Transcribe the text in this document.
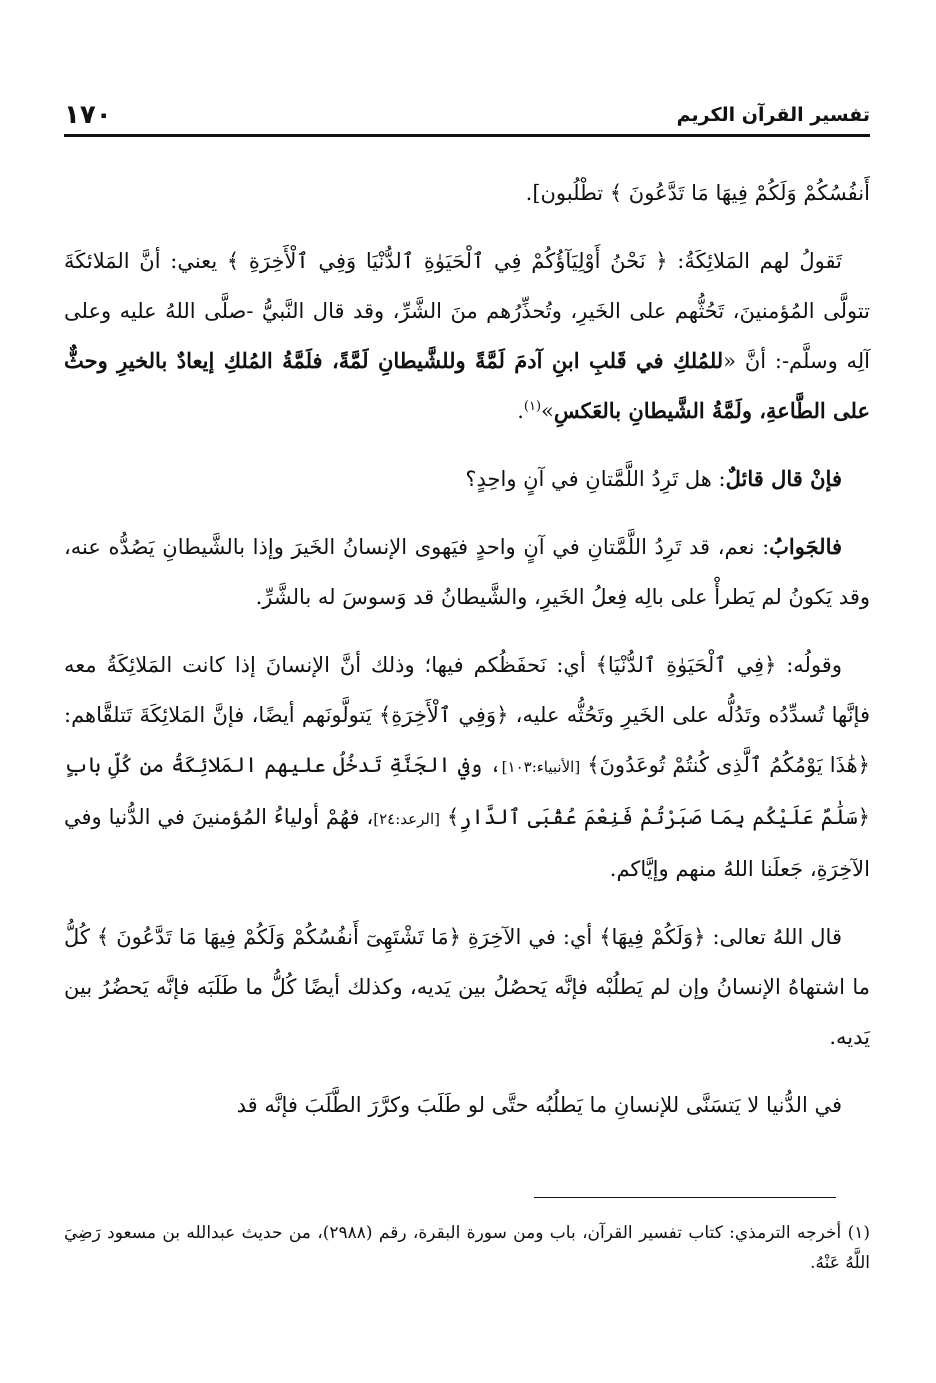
١٧٠	تفسير القرآن الكريم

أَنفُسُكُمْ وَلَكُمْ فِيهَا مَا تَدَّعُونَ ﴾ تطْلُبون].

تَقولُ لهم المَلائِكَةُ: ﴿ نَحْنُ أَوْلِيَآؤُكُمْ فِي ٱلْحَيَوٰةِ ٱلدُّنْيَا وَفِي ٱلْأَخِرَةِ ﴾ يعني: أنَّ المَلائكَةَ تتولَّى المُؤمنينَ، تَحُثُّهم على الخَيرِ، وتُحذِّرُهم منَ الشَّرِّ، وقد قال النَّبيُّ -صلَّى اللهُ عليه وعلى آلِه وسلَّم-: أنَّ «للمُلكِ في قَلبِ ابنِ آدمَ لَمَّةً وللشَّيطانِ لَمَّةً، فلَمَّةُ المُلكِ إيعادٌ بالخيرِ وحثٌّ على الطَّاعةِ، ولَمَّةُ الشَّيطانِ بالعَكسِ»$^{(١)}$.

فإنْ قال قائلٌ: هل تَرِدُ اللَّمَّتانِ في آنٍ واحِدٍ؟

فالجَوابُ: نعم، قد تَرِدُ اللَّمَّتانِ في آنٍ واحدٍ فيَهوى الإنسانُ الخَيرَ وإذا بالشَّيطانِ يَصُدُّه عنه، وقد يَكونُ لم يَطرأْ على بالِه فِعلُ الخَيرِ، والشَّيطانُ قد وَسوسَ له بالشَّرِّ.

وقولُه: ﴿فِي ٱلْحَيَوٰةِ ٱلدُّنْيَا﴾ أي: نَحفَظُكم فيها؛ وذلك أنَّ الإنسانَ إذا كانت المَلائِكَةُ معه فإنَّها تُسدِّدُه وتَدُلُّه على الخَيرِ وتَحُثُّه عليه، ﴿وَفِي ٱلْأَخِرَةِ﴾ يَتولَّونَهم أيضًا، فإنَّ المَلائِكَةَ تَتلقَّاهم: ﴿هَٰذَا يَوْمُكُمُ ٱلَّذِى كُنتُمْ تُوعَدُونَ﴾ [الأنبياء:١٠٣]، وفي الجَنَّةِ تَدخُلُ عليهم المَلائِكَةُ من كُلِّ بابٍ ﴿سَلَٰمٌ عَلَيْكُم بِمَا صَبَرْتُمْ فَنِعْمَ عُقْبَى ٱلدَّارِ﴾ [الرعد:٢٤]، فهُمْ أولياءُ المُؤمنينَ في الدُّنيا وفي الآخِرَةِ، جَعلَنا اللهُ منهم وإيَّاكم.

قال اللهُ تعالى: ﴿وَلَكُمْ فِيهَا﴾ أي: في الآخِرَةِ ﴿مَا تَشْتَهِىٓ أَنفُسُكُمْ وَلَكُمْ فِيهَا مَا تَدَّعُونَ ﴾ كُلُّ ما اشتهاهُ الإنسانُ وإن لم يَطلُبْه فإنَّه يَحصُلُ بين يَديه، وكذلك أيضًا كُلُّ ما طَلَبَه فإنَّه يَحضُرُ بين يَديه.

في الدُّنيا لا يَتسَنَّى للإنسانِ ما يَطلُبُه حتَّى لو طَلَبَ وكرَّرَ الطَّلَبَ فإنَّه قد

(١) أخرجه الترمذي: كتاب تفسير القرآن، باب ومن سورة البقرة، رقم (٢٩٨٨)، من حديث عبدالله بن مسعود رَضِيَ اللَّهُ عَنْهُ.
